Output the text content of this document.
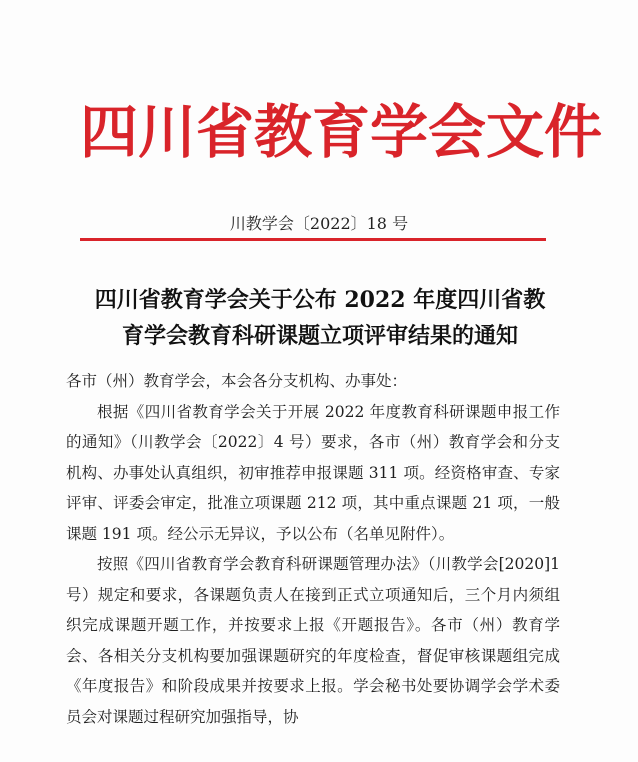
四川省教育学会文件
川教学会〔2022〕18 号
四川省教育学会关于公布 2022 年度四川省教
育学会教育科研课题立项评审结果的通知

各市（州）教育学会，本会各分支机构、办事处：

根据《四川省教育学会关于开展 2022 年度教育科研课题申报工作的通知》（川教学会〔2022〕4 号）要求，各市（州）教育学会和分支机构、办事处认真组织，初审推荐申报课题 311 项。经资格审查、专家评审、评委会审定，批准立项课题 212 项，其中重点课题 21 项，一般课题 191 项。经公示无异议，予以公布（名单见附件）。

按照《四川省教育学会教育科研课题管理办法》（川教学会[2020]1 号）规定和要求，各课题负责人在接到正式立项通知后，三个月内须组织完成课题开题工作，并按要求上报《开题报告》。各市（州）教育学会、各相关分支机构要加强课题研究的年度检查，督促审核课题组完成《年度报告》和阶段成果并按要求上报。学会秘书处要协调学会学术委员会对课题过程研究加强指导，协
